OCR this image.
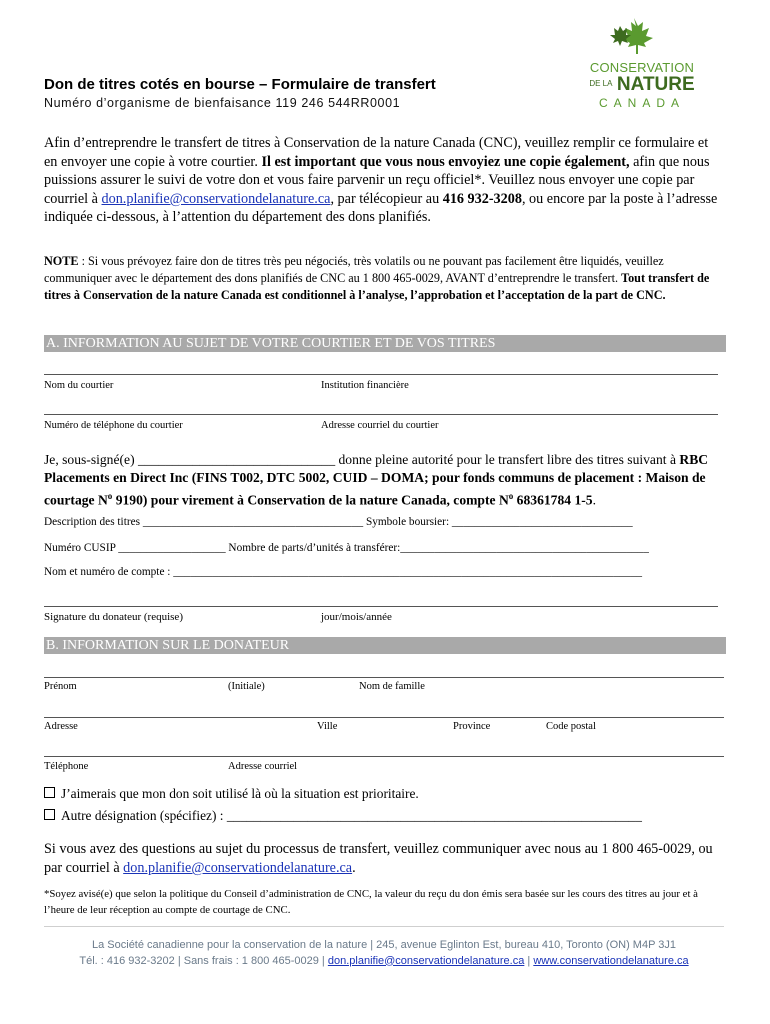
CONSERVATION
$^{DE LA}$ NATURE
CANADA
Don de titres cotés en bourse – Formulaire de transfert
Numéro d’organisme de bienfaisance 119 246 544RR0001
Afin d’entreprendre le transfert de titres à Conservation de la nature Canada (CNC), veuillez remplir ce formulaire et en envoyer une copie à votre courtier. Il est important que vous nous envoyiez une copie également, afin que nous puissions assurer le suivi de votre don et vous faire parvenir un reçu officiel*. Veuillez nous envoyer une copie par courriel à don.planifie@conservationdelanature.ca, par télécopieur au 416 932-3208, ou encore par la poste à l’adresse indiquée ci-dessous, à l’attention du département des dons planifiés.
NOTE : Si vous prévoyez faire don de titres très peu négociés, très volatils ou ne pouvant pas facilement être liquidés, veuillez communiquer avec le département des dons planifiés de CNC au 1 800 465-0029, AVANT d’entreprendre le transfert. Tout transfert de titres à Conservation de la nature Canada est conditionnel à l’analyse, l’approbation et l’acceptation de la part de CNC.
A. INFORMATION AU SUJET DE VOTRE COURTIER ET DE VOS TITRES
Nom du courtier	Institution financière
Numéro de téléphone du courtier	Adresse courriel du courtier
Je, sous-signé(e) _____________________________ donne pleine autorité pour le transfert libre des titres suivant à RBC Placements en Direct Inc (FINS T002, DTC 5002, CUID – DOMA; pour fonds communs de placement : Maison de courtage $N^o$ 9190) pour virement à Conservation de la nature Canada, compte $N^o$ 68361784 1-5.
Description des titres _______________________________________ Symbole boursier: ________________________________
Numéro CUSIP ___________________ Nombre de parts/d’unités à transférer:____________________________________________
Nom et numéro de compte : ___________________________________________________________________________________
Signature du donateur (requise)	jour/mois/année
B. INFORMATION SUR LE DONATEUR
Prénom	(Initiale)	Nom de famille
Adresse	Ville	Province	Code postal
Téléphone	Adresse courriel
J’aimerais que mon don soit utilisé là où la situation est prioritaire.
Autre désignation (spécifiez) : ______________________________________________________________
Si vous avez des questions au sujet du processus de transfert, veuillez communiquer avec nous au 1 800 465-0029, ou par courriel à don.planifie@conservationdelanature.ca.
*Soyez avisé(e) que selon la politique du Conseil d’administration de CNC, la valeur du reçu du don émis sera basée sur les cours des titres au jour et à l’heure de leur réception au compte de courtage de CNC.
La Société canadienne pour la conservation de la nature | 245, avenue Eglinton Est, bureau 410, Toronto (ON) M4P 3J1
Tél. : 416 932-3202 | Sans frais : 1 800 465-0029 | don.planifie@conservationdelanature.ca | www.conservationdelanature.ca
